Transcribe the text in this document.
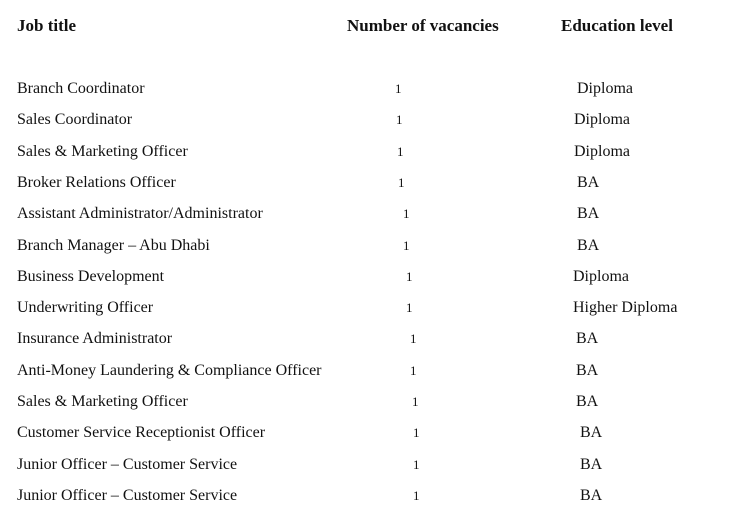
Job title	Number of vacancies	Education level
Branch Coordinator	1	Diploma
Sales Coordinator	1	Diploma
Sales & Marketing Officer	1	Diploma
Broker Relations Officer	1	BA
Assistant Administrator/Administrator	1	BA
Branch Manager – Abu Dhabi	1	BA
Business Development	1	Diploma
Underwriting Officer	1	Higher Diploma
Insurance Administrator	1	BA
Anti-Money Laundering & Compliance Officer	1	BA
Sales & Marketing Officer	1	BA
Customer Service Receptionist Officer	1	BA
Junior Officer – Customer Service	1	BA
Junior Officer – Customer Service	1	BA
